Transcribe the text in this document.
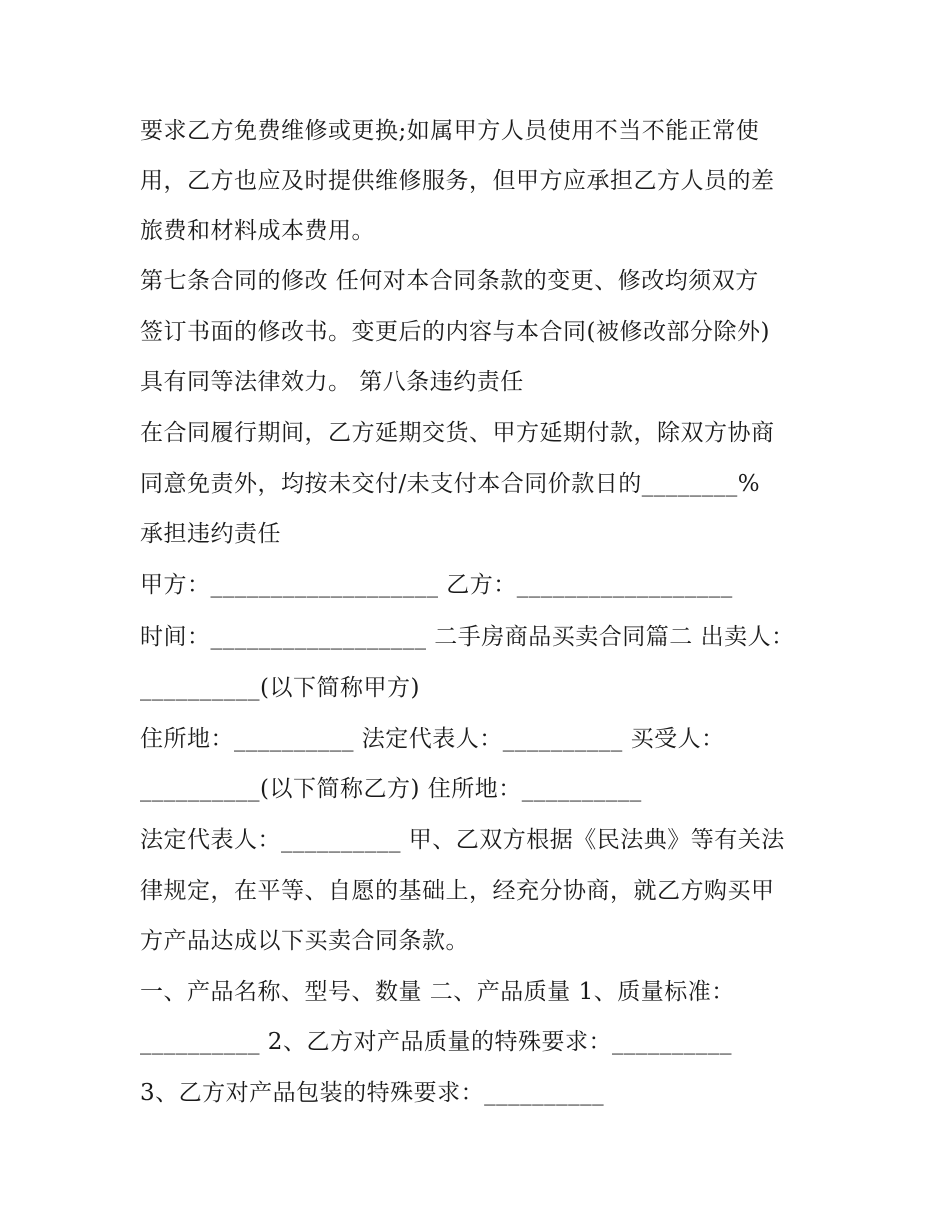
要求乙方免费维修或更换;如属甲方人员使用不当不能正常使
用，乙方也应及时提供维修服务，但甲方应承担乙方人员的差
旅费和材料成本费用。
第七条合同的修改 任何对本合同条款的变更、修改均须双方
签订书面的修改书。变更后的内容与本合同(被修改部分除外)
具有同等法律效力。 第八条违约责任
在合同履行期间，乙方延期交货、甲方延期付款，除双方协商
同意免责外，均按未交付/未支付本合同价款日的________%
承担违约责任
甲方：___________________ 乙方：__________________
时间：__________________ 二手房商品买卖合同篇二 出卖人：
__________(以下简称甲方)
住所地：__________ 法定代表人：__________ 买受人：
__________(以下简称乙方) 住所地：__________
法定代表人：__________ 甲、乙双方根据《民法典》等有关法
律规定，在平等、自愿的基础上，经充分协商，就乙方购买甲
方产品达成以下买卖合同条款。
一、产品名称、型号、数量 二、产品质量 1、质量标准：
__________ 2、乙方对产品质量的特殊要求：__________
3、乙方对产品包装的特殊要求：__________
